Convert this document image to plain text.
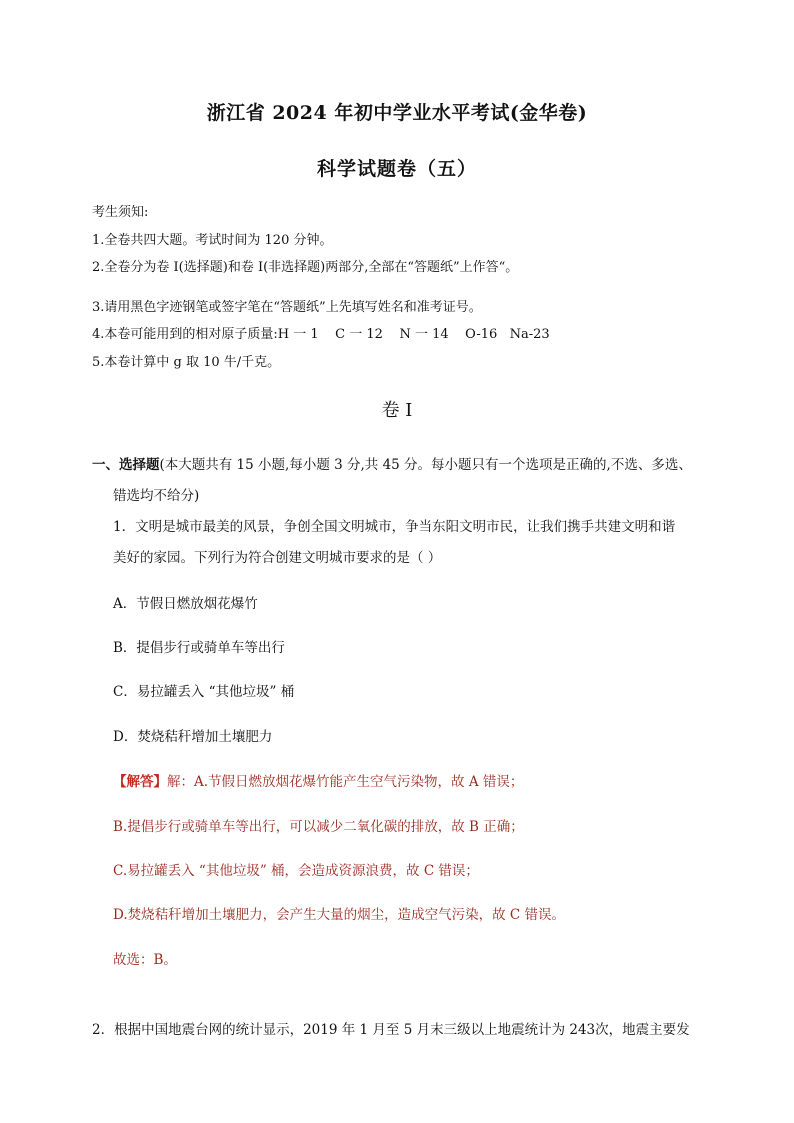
浙江省 2024 年初中学业水平考试(金华卷)
科学试题卷（五）
考生须知:
1.全卷共四大题。考试时间为 120 分钟。
2.全卷分为卷 I(选择题)和卷 I(非选择题)两部分,全部在“答题纸”上作答“。
3.请用黑色字迹钢笔或签字笔在“答题纸”上先填写姓名和准考证号。
4.本卷可能用到的相对原子质量:H 一 1    C 一 12    N 一 14    O-16   Na-23
5.本卷计算中 g 取 10 牛/千克。
卷 I
一、选择题(本大题共有 15 小题,每小题 3 分,共 45 分。每小题只有一个选项是正确的,不选、多选、
错选均不给分)
1．文明是城市最美的风景，争创全国文明城市，争当东阳文明市民，让我们携手共建文明和谐
美好的家园。下列行为符合创建文明城市要求的是（ ）
A．节假日燃放烟花爆竹
B．提倡步行或骑单车等出行
C．易拉罐丢入 “其他垃圾” 桶
D．焚烧秸秆增加土壤肥力
【解答】解：A.节假日燃放烟花爆竹能产生空气污染物，故 A 错误；
B.提倡步行或骑单车等出行，可以减少二氧化碳的排放，故 B 正确；
C.易拉罐丢入 “其他垃圾” 桶，会造成资源浪费，故 C 错误；
D.焚烧秸秆增加土壤肥力，会产生大量的烟尘，造成空气污染，故 C 错误。
故选：B。
2．根据中国地震台网的统计显示，2019 年 1 月至 5 月末三级以上地震统计为 243次，地震主要发
